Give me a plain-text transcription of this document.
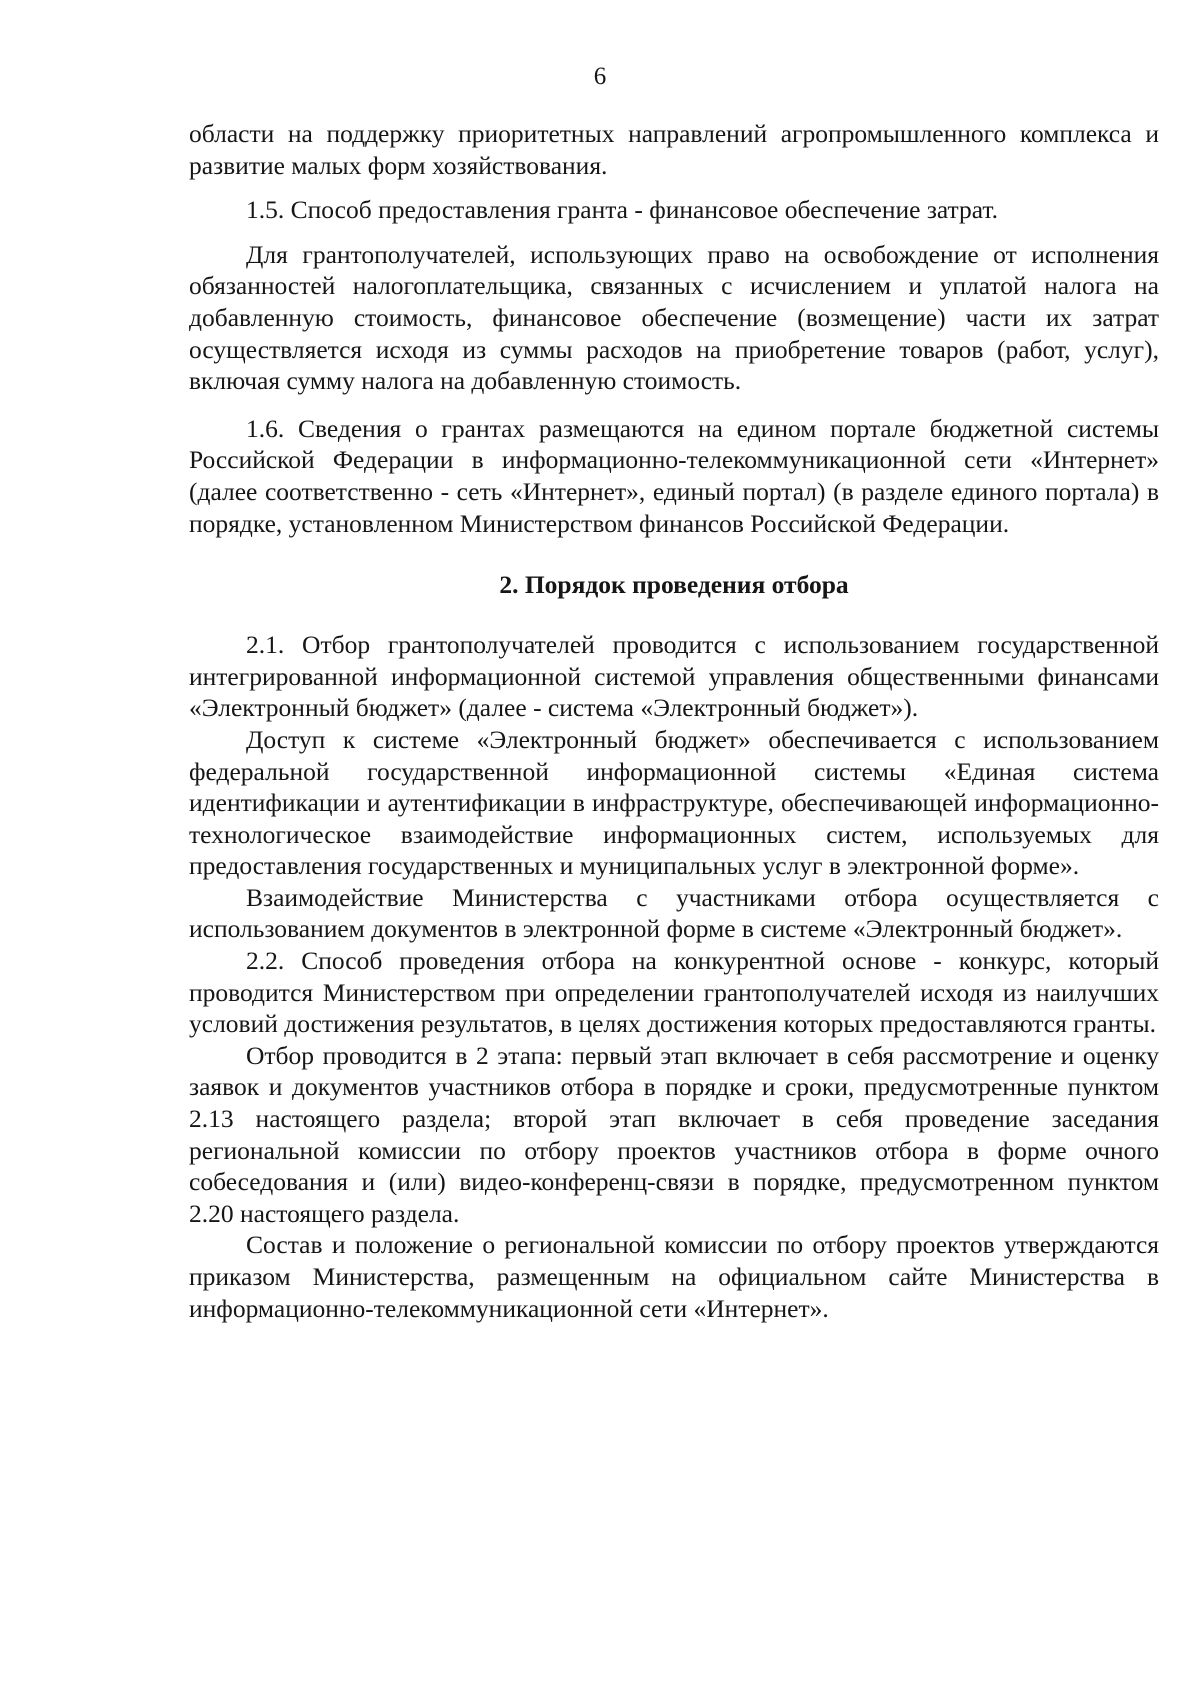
6

области на поддержку приоритетных направлений агропромышленного комплекса и развитие малых форм хозяйствования.

1.5. Способ предоставления гранта - финансовое обеспечение затрат.

Для грантополучателей, использующих право на освобождение от исполнения обязанностей налогоплательщика, связанных с исчислением и уплатой налога на добавленную стоимость, финансовое обеспечение (возмещение) части их затрат осуществляется исходя из суммы расходов на приобретение товаров (работ, услуг), включая сумму налога на добавленную стоимость.

1.6. Сведения о грантах размещаются на едином портале бюджетной системы Российской Федерации в информационно-телекоммуникационной сети «Интернет» (далее соответственно - сеть «Интернет», единый портал) (в разделе единого портала) в порядке, установленном Министерством финансов Российской Федерации.

2. Порядок проведения отбора

2.1. Отбор грантополучателей проводится с использованием государственной интегрированной информационной системой управления общественными финансами «Электронный бюджет» (далее - система «Электронный бюджет»).

Доступ к системе «Электронный бюджет» обеспечивается с использованием федеральной государственной информационной системы «Единая система идентификации и аутентификации в инфраструктуре, обеспечивающей информационно-технологическое взаимодействие информационных систем, используемых для предоставления государственных и муниципальных услуг в электронной форме».

Взаимодействие Министерства с участниками отбора осуществляется с использованием документов в электронной форме в системе «Электронный бюджет».

2.2. Способ проведения отбора на конкурентной основе - конкурс, который проводится Министерством при определении грантополучателей исходя из наилучших условий достижения результатов, в целях достижения которых предоставляются гранты.

Отбор проводится в 2 этапа: первый этап включает в себя рассмотрение и оценку заявок и документов участников отбора в порядке и сроки, предусмотренные пунктом 2.13 настоящего раздела; второй этап включает в себя проведение заседания региональной комиссии по отбору проектов участников отбора в форме очного собеседования и (или) видео-конференц-связи в порядке, предусмотренном пунктом 2.20 настоящего раздела.

Состав и положение о региональной комиссии по отбору проектов утверждаются приказом Министерства, размещенным на официальном сайте Министерства в информационно-телекоммуникационной сети «Интернет».
